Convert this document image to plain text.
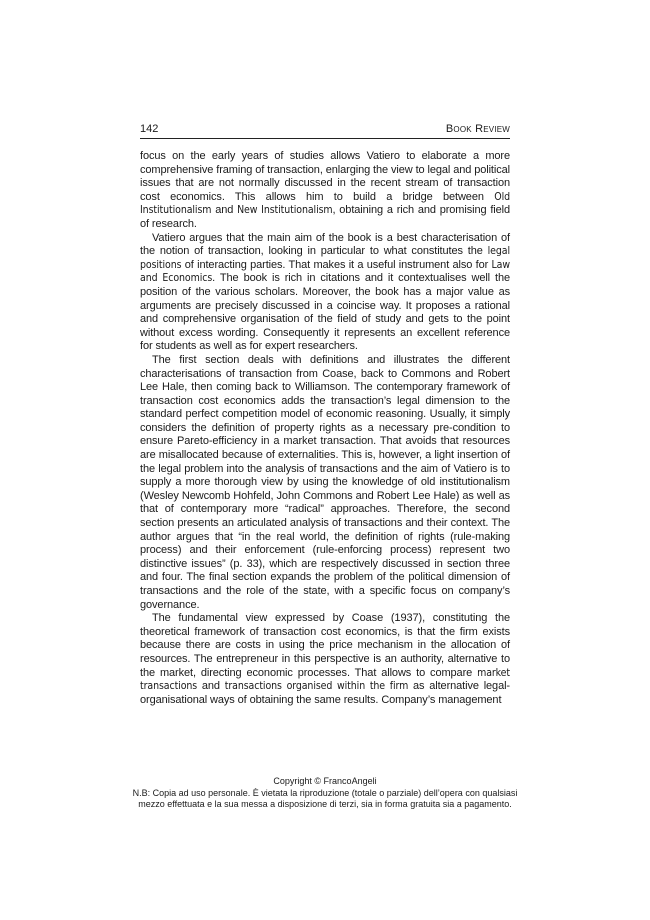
142	Book Review

focus on the early years of studies allows Vatiero to elaborate a more comprehensive framing of transaction, enlarging the view to legal and political issues that are not normally discussed in the recent stream of transaction cost economics. This allows him to build a bridge between Old Institutionalism and New Institutionalism, obtaining a rich and promising field of research.

Vatiero argues that the main aim of the book is a best characterisation of the notion of transaction, looking in particular to what constitutes the legal positions of interacting parties. That makes it a useful instrument also for Law and Economics. The book is rich in citations and it contextualises well the position of the various scholars. Moreover, the book has a major value as arguments are precisely discussed in a coincise way. It proposes a rational and comprehensive organisation of the field of study and gets to the point without excess wording. Consequently it represents an excellent reference for students as well as for expert researchers.

The first section deals with definitions and illustrates the different characterisations of transaction from Coase, back to Commons and Robert Lee Hale, then coming back to Williamson. The contemporary framework of transaction cost economics adds the transaction’s legal dimension to the standard perfect competition model of economic reasoning. Usually, it simply considers the definition of property rights as a necessary pre-condition to ensure Pareto-efficiency in a market transaction. That avoids that resources are misallocated because of externalities. This is, however, a light insertion of the legal problem into the analysis of transactions and the aim of Vatiero is to supply a more thorough view by using the knowledge of old institutionalism (Wesley Newcomb Hohfeld, John Commons and Robert Lee Hale) as well as that of contemporary more “radical” approaches. Therefore, the second section presents an articulated analysis of transactions and their context. The author argues that “in the real world, the definition of rights (rule-making process) and their enforcement (rule-enforcing process) represent two distinctive issues” (p. 33), which are respectively discussed in section three and four. The final section expands the problem of the political dimension of transactions and the role of the state, with a specific focus on company’s governance.

The fundamental view expressed by Coase (1937), constituting the theoretical framework of transaction cost economics, is that the firm exists because there are costs in using the price mechanism in the allocation of resources. The entrepreneur in this perspective is an authority, alternative to the market, directing economic processes. That allows to compare market transactions and transactions organised within the firm as alternative legal-organisational ways of obtaining the same results. Company’s management

Copyright © FrancoAngeli
N.B: Copia ad uso personale. È vietata la riproduzione (totale o parziale) dell’opera con qualsiasi
mezzo effettuata e la sua messa a disposizione di terzi, sia in forma gratuita sia a pagamento.
